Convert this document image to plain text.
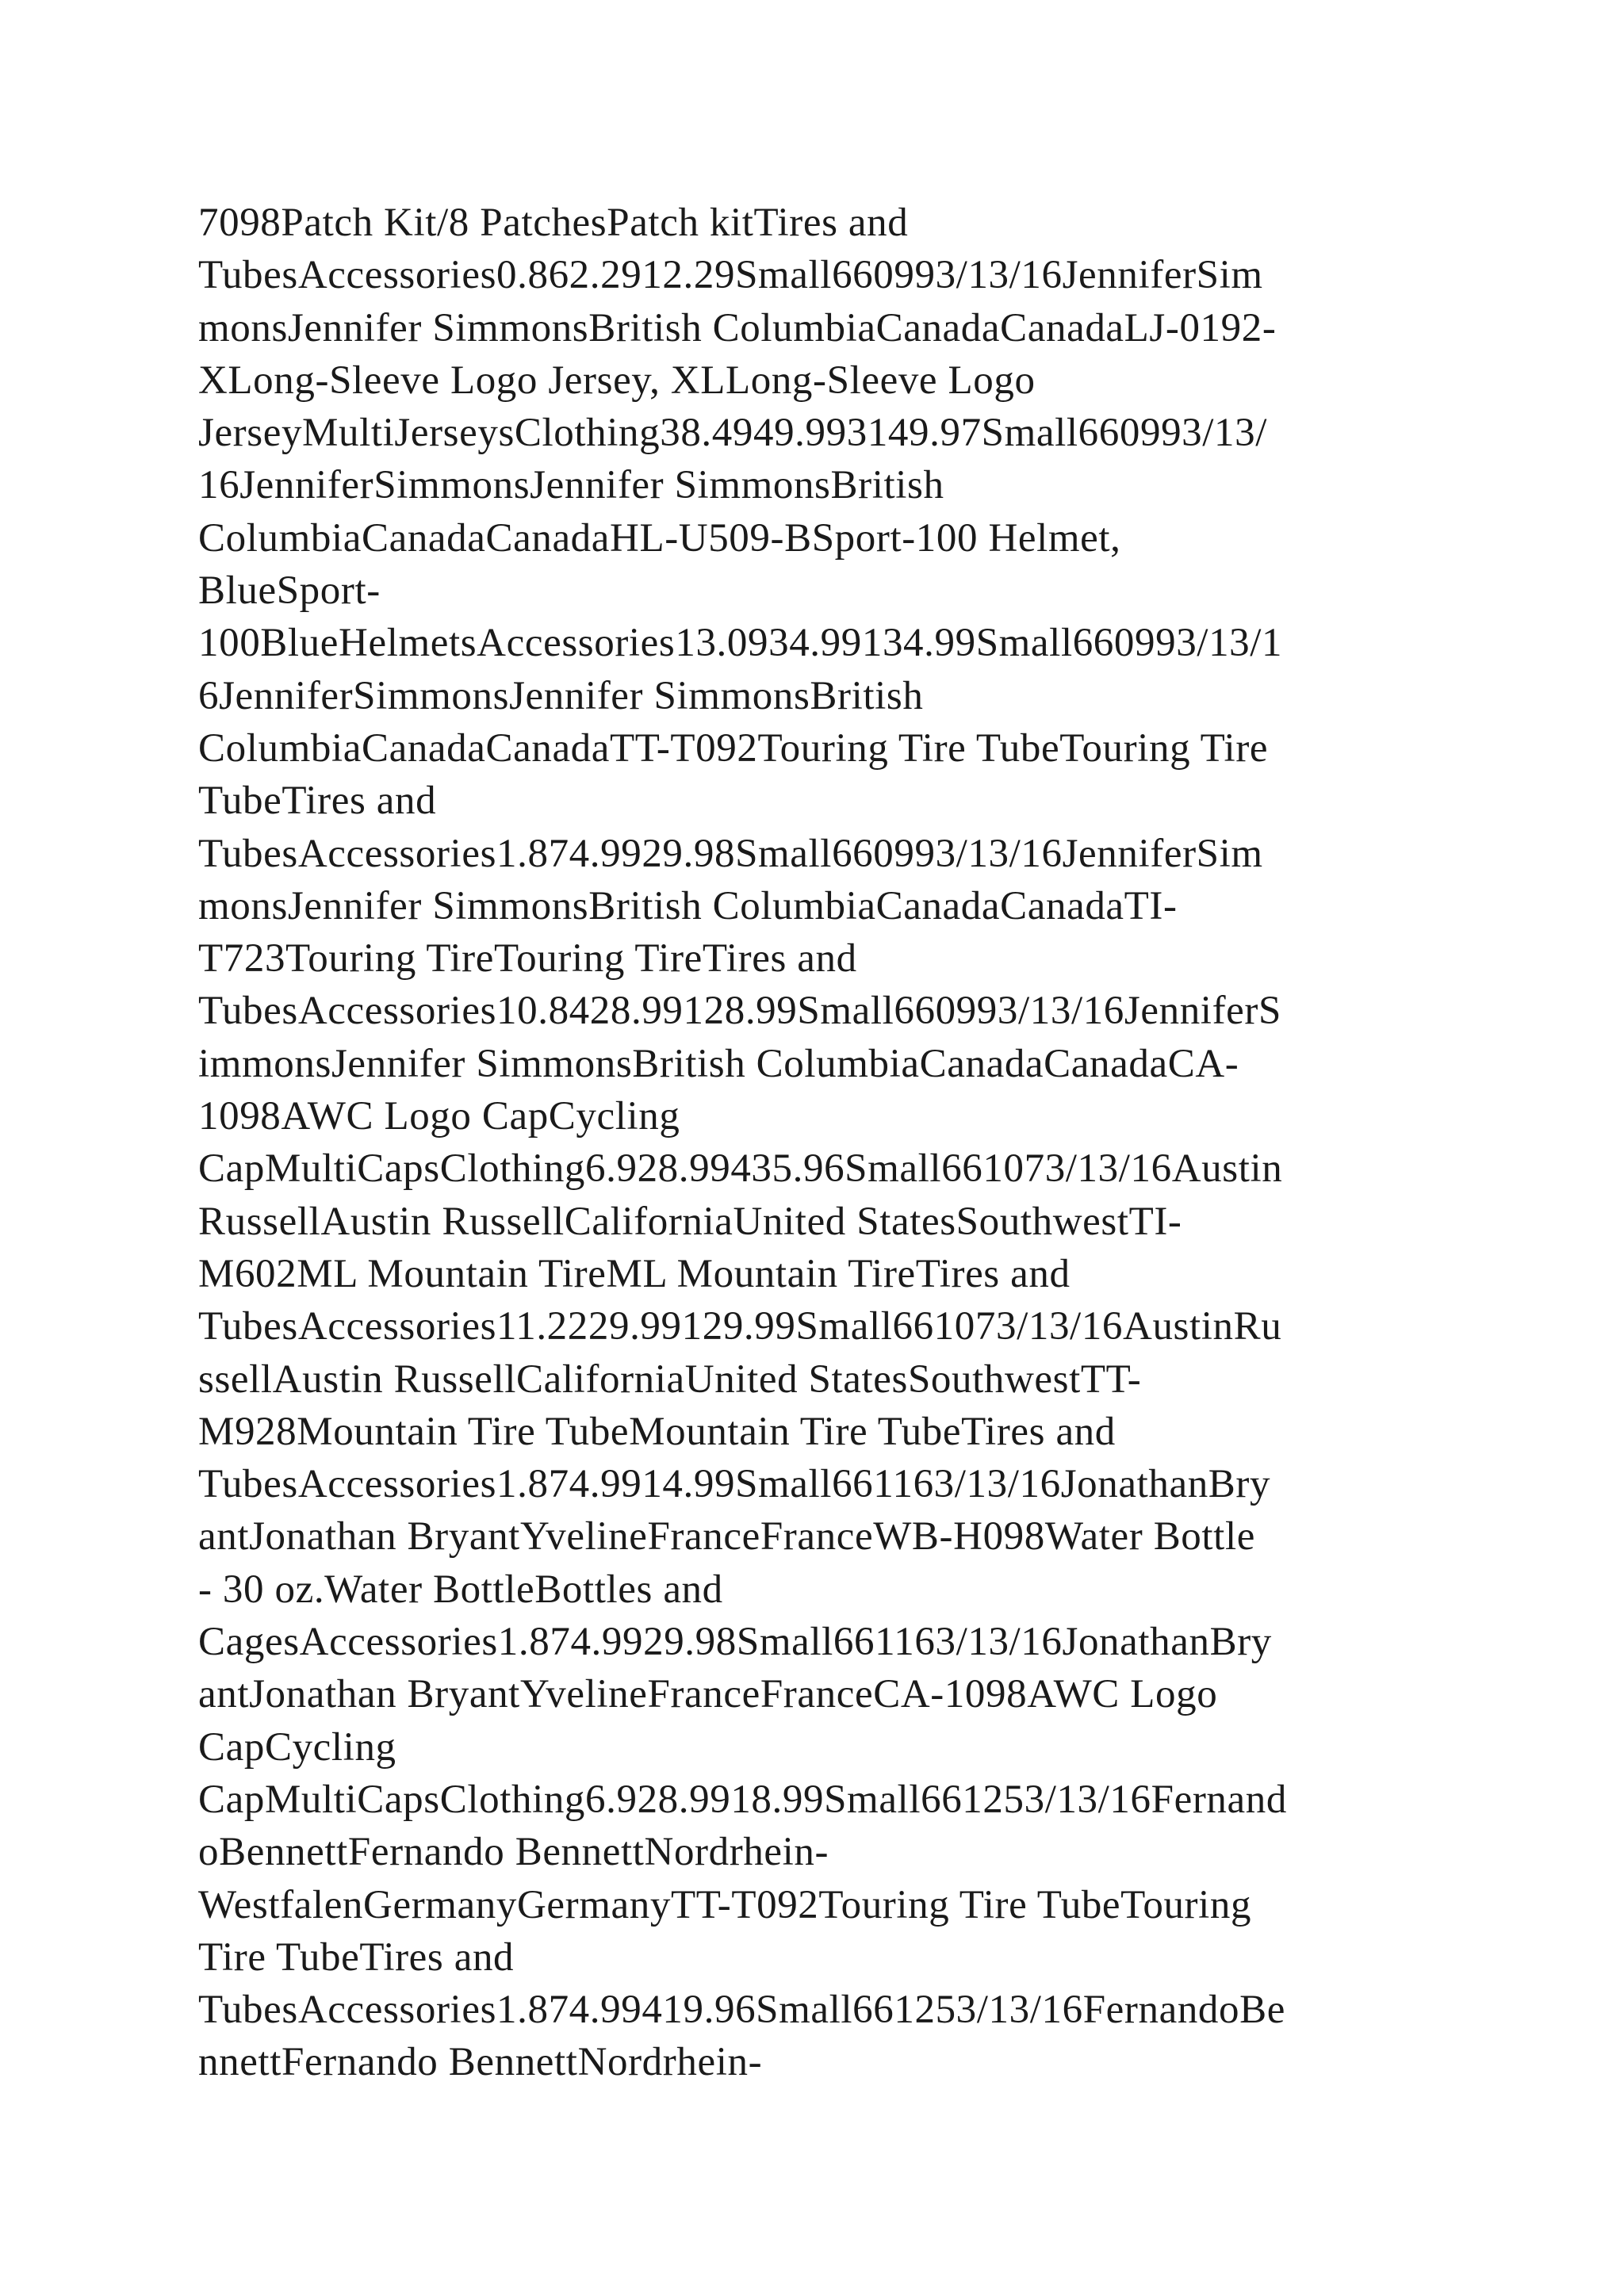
7098Patch Kit/8 PatchesPatch kitTires and
TubesAccessories0.862.2912.29Small660993/13/16JenniferSim
monsJennifer SimmonsBritish ColumbiaCanadaCanadaLJ-0192-
XLong-Sleeve Logo Jersey, XLLong-Sleeve Logo
JerseyMultiJerseysClothing38.4949.993149.97Small660993/13/
16JenniferSimmonsJennifer SimmonsBritish
ColumbiaCanadaCanadaHL-U509-BSport-100 Helmet,
BlueSport-
100BlueHelmetsAccessories13.0934.99134.99Small660993/13/1
6JenniferSimmonsJennifer SimmonsBritish
ColumbiaCanadaCanadaTT-T092Touring Tire TubeTouring Tire
TubeTires and
TubesAccessories1.874.9929.98Small660993/13/16JenniferSim
monsJennifer SimmonsBritish ColumbiaCanadaCanadaTI-
T723Touring TireTouring TireTires and
TubesAccessories10.8428.99128.99Small660993/13/16JenniferS
immonsJennifer SimmonsBritish ColumbiaCanadaCanadaCA-
1098AWC Logo CapCycling
CapMultiCapsClothing6.928.99435.96Small661073/13/16Austin
RussellAustin RussellCaliforniaUnited StatesSouthwestTI-
M602ML Mountain TireML Mountain TireTires and
TubesAccessories11.2229.99129.99Small661073/13/16AustinRu
ssellAustin RussellCaliforniaUnited StatesSouthwestTT-
M928Mountain Tire TubeMountain Tire TubeTires and
TubesAccessories1.874.9914.99Small661163/13/16JonathanBry
antJonathan BryantYvelineFranceFranceWB-H098Water Bottle
- 30 oz.Water BottleBottles and
CagesAccessories1.874.9929.98Small661163/13/16JonathanBry
antJonathan BryantYvelineFranceFranceCA-1098AWC Logo
CapCycling
CapMultiCapsClothing6.928.9918.99Small661253/13/16Fernand
oBennettFernando BennettNordrhein-
WestfalenGermanyGermanyTT-T092Touring Tire TubeTouring
Tire TubeTires and
TubesAccessories1.874.99419.96Small661253/13/16FernandoBe
nnettFernando BennettNordrhein-
